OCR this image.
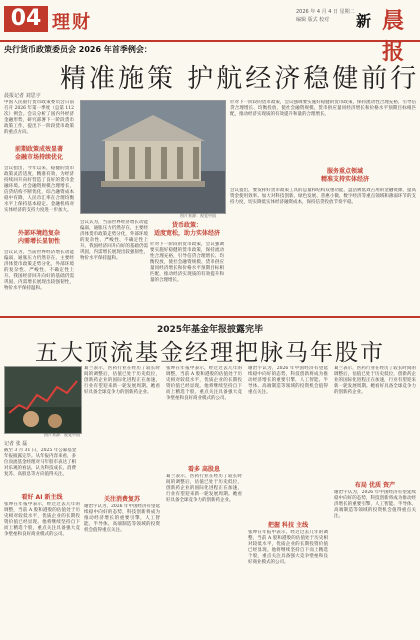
04 理财	2026 年 4 月 4 日 星期二
编辑 版式 校对	新 晨报
央行货币政策委员会 2026 年首季例会：
精准施策 护航经济稳健前行
晨报记者 刘思宇
中国人民银行货币政策委员会日前召开 2026 年第一季度（总第 112 次）例会。会议分析了国内外经济金融形势，研究部署下一阶段货币政策工作，提出下一阶段货币政策的重点方向。
前期政策成效显著
金融市场持续优化
会议指出，今年以来，稳健的货币政策灵活适度，精准有效，为经济持续回升向好营造了良好的货币金融环境。社会融资规模合理增长，信贷结构不断优化，综合融资成本稳中有降，人民币汇率在合理均衡水平上保持基本稳定。金融机构对实体经济的支持力度进一步加大。
外部环境趋复杂
内需增长显韧性
会议认为，当前世界经济增长动能偏弱，通胀压力仍然存在，主要经济体货币政策走势分化，外部环境的复杂性、严峻性、不确定性上升。我国经济回升向好的基础仍需巩固，内需增长展现出较强韧性，物价水平保持温和。
图片来源：视觉中国
会议认为，当前世界经济增长动能偏弱，通胀压力仍然存在，主要经济体货币政策走势分化，外部环境的复杂性、严峻性、不确定性上升。我国经济回升向好的基础仍需巩固，内需增长展现出较强韧性，物价水平保持温和。
货币政策：
适度宽松，助力实体经济
针对下一阶段的货币政策，会议强调要实施好稳健的货币政策，保持流动性合理充裕，引导信贷合理增长、均衡投放，使社会融资规模、货币供应量同经济增长和价格水平预期目标相匹配，推动经济实现质的有效提升和量的合理增长。
针对下一阶段的货币政策，会议强调要实施好稳健的货币政策，保持流动性合理充裕，引导信贷合理增长、均衡投放，使社会融资规模、货币供应量同经济增长和价格水平预期目标相匹配，推动经济实现质的有效提升和量的合理增长。
服务重点领域
精准支持实体经济
会议提出，要发挥好货币政策工具的总量和结构双重功能，盘活被低效占用的金融资源，提高资金使用效率。加大对科技创新、绿色发展、普惠小微、数字经济等重点领域和薄弱环节的支持力度，切实降低实体经济融资成本，保持信贷投放节奏平稳。
2025年基金年报披露完毕
五大顶流基金经理把脉马年股市
图片来源：视觉中国
记者 张 磊
截至 3 月 31 日，2025 年公募基金年报披露完毕。从年报内容来看，多位顶流基金经理对马年股市表达了相对乐观的看法，认为科技成长、消费复苏、高股息等方向值得关注。
看好 AI 新主线
张坤在年报中表示，经过过去几年的调整，当前 A 股和港股的估值处于历史相对较低水平，优质企业的长期投资价值已经显现。他将继续坚持自下而上精选个股，重点关注具备强大竞争壁垒和良好商业模式的公司。
葛兰表示，医药行业在经历了较长时间的调整后，估值已处于历史低位，创新药企业的国际化进程正在加速，行业有望迎来新一轮发展周期。她看好具备全球竞争力的创新药企业。
关注消费复苏
谢治宇认为，2026 年中国经济有望延续稳中向好的态势，科技创新将成为推动经济增长的重要引擎，人工智能、半导体、高端制造等领域的投资机会值得重点关注。
张坤在年报中表示，经过过去几年的调整，当前 A 股和港股的估值处于历史相对较低水平，优质企业的长期投资价值已经显现。他将继续坚持自下而上精选个股，重点关注具备强大竞争壁垒和良好商业模式的公司。
看多 高股息
葛兰表示，医药行业在经历了较长时间的调整后，估值已处于历史低位，创新药企业的国际化进程正在加速，行业有望迎来新一轮发展周期。她看好具备全球竞争力的创新药企业。
谢治宇认为，2026 年中国经济有望延续稳中向好的态势，科技创新将成为推动经济增长的重要引擎，人工智能、半导体、高端制造等领域的投资机会值得重点关注。
把握 科技 主线
张坤在年报中表示，经过过去几年的调整，当前 A 股和港股的估值处于历史相对较低水平，优质企业的长期投资价值已经显现。他将继续坚持自下而上精选个股，重点关注具备强大竞争壁垒和良好商业模式的公司。
葛兰表示，医药行业在经历了较长时间的调整后，估值已处于历史低位，创新药企业的国际化进程正在加速，行业有望迎来新一轮发展周期。她看好具备全球竞争力的创新药企业。
布局 优质 资产
谢治宇认为，2026 年中国经济有望延续稳中向好的态势，科技创新将成为推动经济增长的重要引擎，人工智能、半导体、高端制造等领域的投资机会值得重点关注。
